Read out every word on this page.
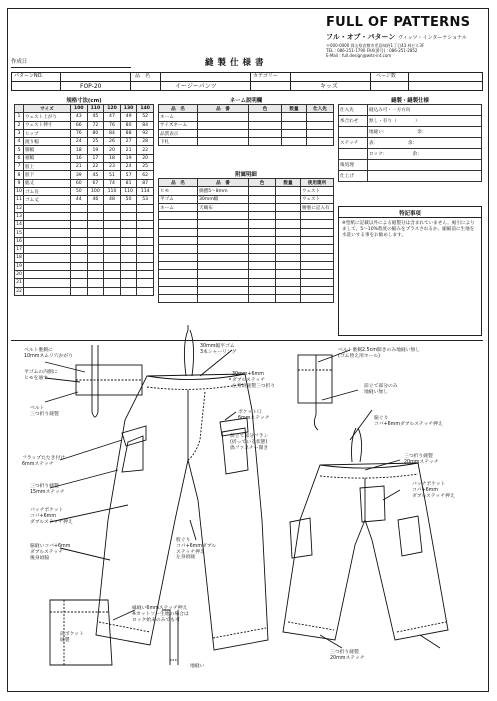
FULL OF PATTERNS
フル・オブ・パターン ヴィッツ・インターナショナル
〒000-0000 岡山県倉敷市児島味野1丁目43 林ビル3F
TEL : 086-251-1790 FAX(番号) : 086-251-2852
E-Mail : full.design@wits-int.com
作成日	縫製仕様書
パターンNO.
FOP-20
品　名
イージーパンツ
カテゴリー
キッズ
ページ数
規格寸法(cm)
	サイズ	100	110	120	130	140
1	ウェスト上がり	43	45	47	49	52
2	ウェスト伸寸	66	72	76	80	84
3	ヒップ	76	80	84	88	92
4	渡り幅	24	25	26	27	28
5	膝幅	18	19	20	21	22
6	裾幅	16	17	18	19	20
7	股上	21	22	23	24	25
8	股下	39	45	51	57	62
9	総丈	60	67	74	81	87
10	ゴム長	50	100	110	110	114
11	ゴム丈	44	46	48	50	53
12						
13						
14						
15						
16						
17						
18						
19						
20						
21						
22						
ネーム説明欄
品　名	品　番	色	数量	仕入先
ネーム				
サイズネーム				
品質表示				
下札				
附属明細
品　名	品　番	色	数量	使用箇所
ヒモ	綿撚5～8mm			ウェスト
平ゴム	30mm幅			ウェスト
ネーム	天織布			腰裏に記入有

縫製・縫製仕様
仕入先	縫込み可・一方方向
糸合わせ	無し・有り（　　　　）
	地縫い：　　　　　　　余：
ステッチ	表：　　　　　　　余：
	ロック：　　　　　　余：
後処理	
仕上げ	
特記事項
※型紙に記載以外による縫製分は含まれていません。裾引によりまして、5～10%程度の縮みをプラスされるか、縮縮前に生地を水洗いする事をお勧めします。
ベルト裏側に
10mmネムリ穴かがり
平ゴムの内側に
ヒモを通す
ベルト
三つ折り縫製
30mm幅平ゴム
3本シャーリング
30mm+6mm
ダブルステッチ
左身頃縫製三つ折り
ポケット口
6mmステッチ
前立て部分フラシ
(折っている状態)
偽ファスナー開き
ベルト裏側2.5cm開きのみ地縫い無し
(ゴム替え用ホール)
前立て部分のみ
地縫い無し
脇ぐり
コバ+6mmダブルステッチ押え
フラップたたき付け
6mmステッチ
三つ折り縫製
15mmステッチ
パッチポケット
コバ+6mm
ダブルステッチ押え
脇縫いコバ+6mm
ダブルステッチ
後身頃脇
股ぐり
コバ+6mmダブル
ステッチ押え
左身頃縫
三つ折り縫製
20mmステッチ
パッチポケット
コバ+6mm
ダブルステッチ押え
前ポケット
縫製
縁縫い6mmステッチ押え
※カットソー生地の場合は
ロック始末のみでも可
地縫い
三つ折り縫製
20mmステッチ
